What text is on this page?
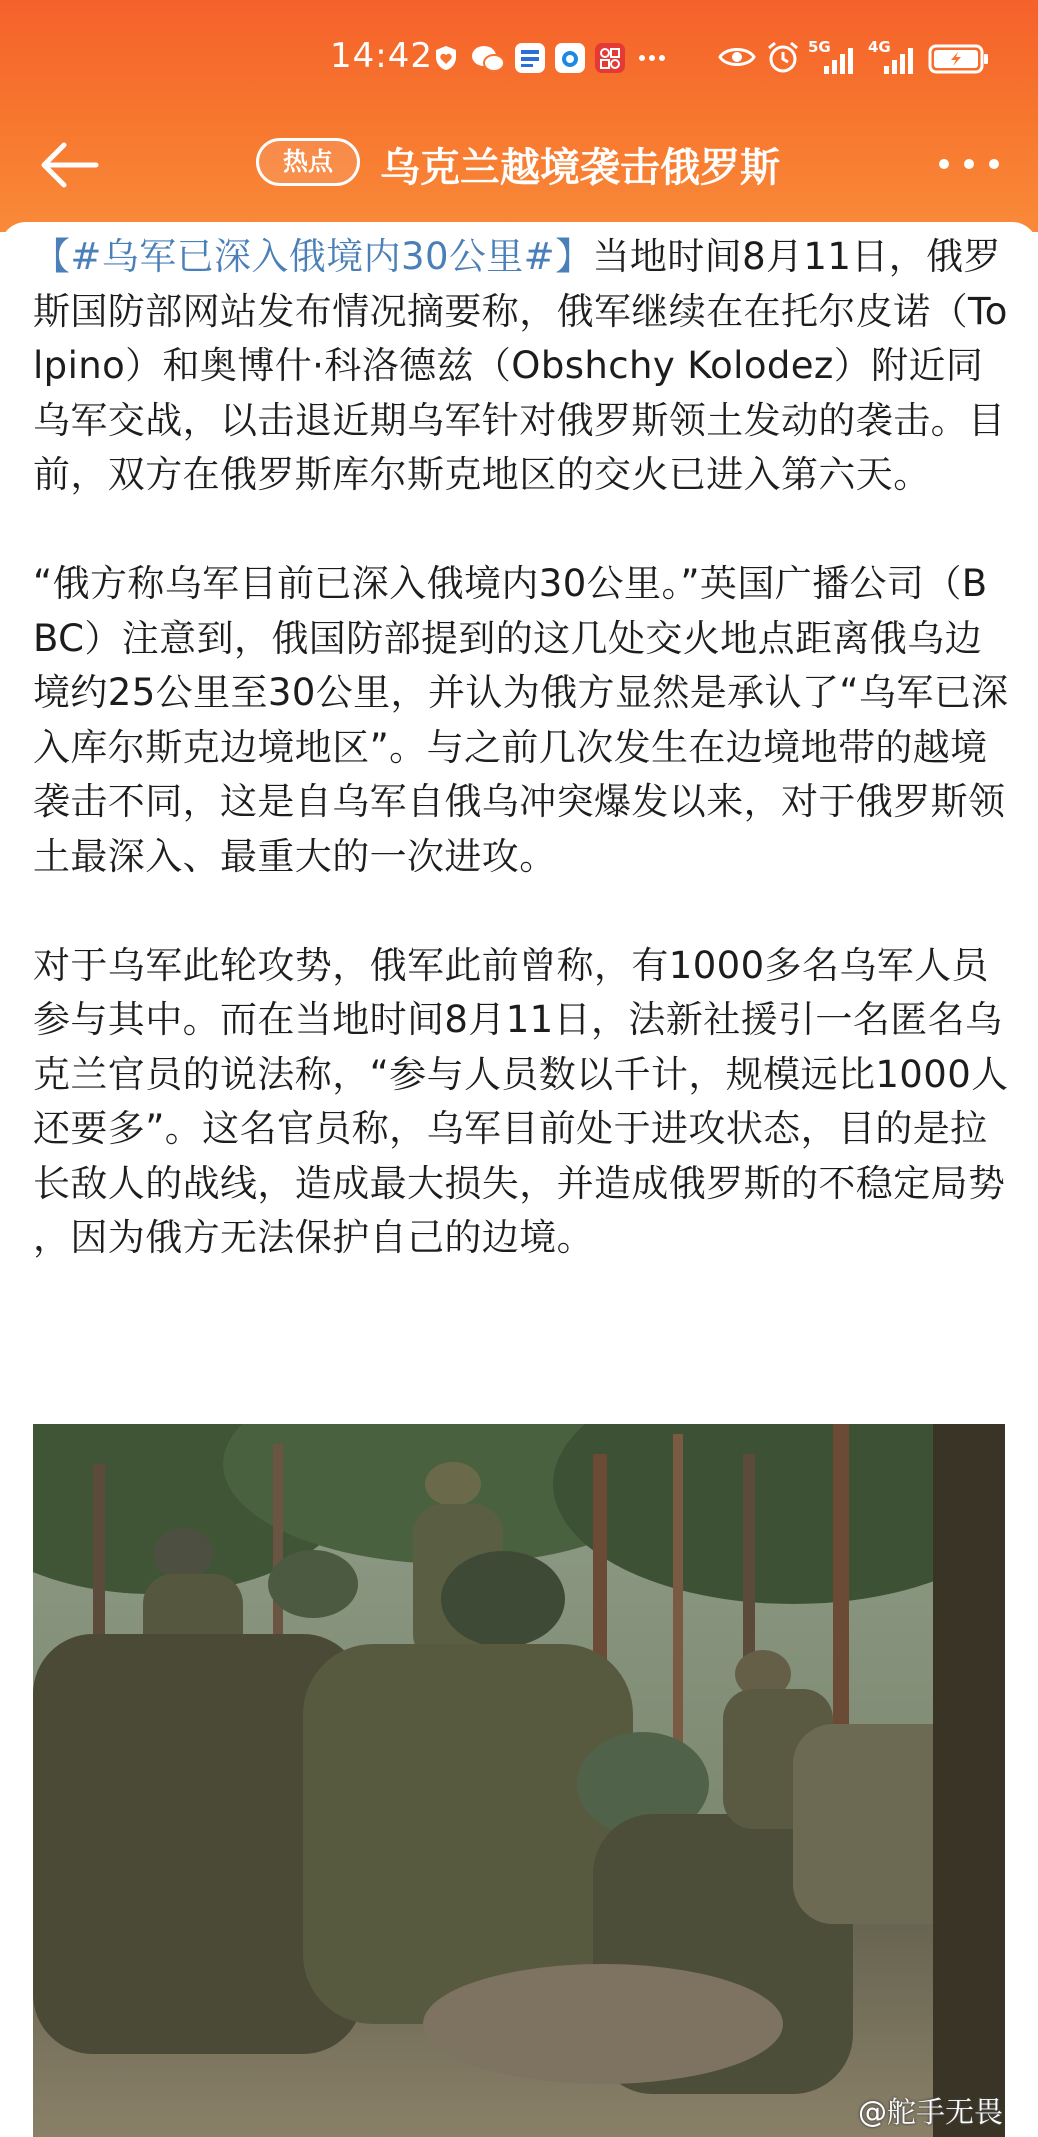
14:42	5G 4G
热点	乌克兰越境袭击俄罗斯

【#乌军已深入俄境内30公里#】当地时间8月11日，俄罗斯国防部网站发布情况摘要称，俄军继续在在托尔皮诺（Tolpino）和奥博什·科洛德兹（Obshchy Kolodez）附近同乌军交战，以击退近期乌军针对俄罗斯领土发动的袭击。目前，双方在俄罗斯库尔斯克地区的交火已进入第六天。

“俄方称乌军目前已深入俄境内30公里。”英国广播公司（BBC）注意到，俄国防部提到的这几处交火地点距离俄乌边境约25公里至30公里，并认为俄方显然是承认了“乌军已深入库尔斯克边境地区”。与之前几次发生在边境地带的越境袭击不同，这是自乌军自俄乌冲突爆发以来，对于俄罗斯领土最深入、最重大的一次进攻。

对于乌军此轮攻势，俄军此前曾称，有1000多名乌军人员参与其中。而在当地时间8月11日，法新社援引一名匿名乌克兰官员的说法称，“参与人员数以千计，规模远比1000人还要多”。这名官员称，乌军目前处于进攻状态，目的是拉长敌人的战线，造成最大损失，并造成俄罗斯的不稳定局势，因为俄方无法保护自己的边境。

@舵手无畏
